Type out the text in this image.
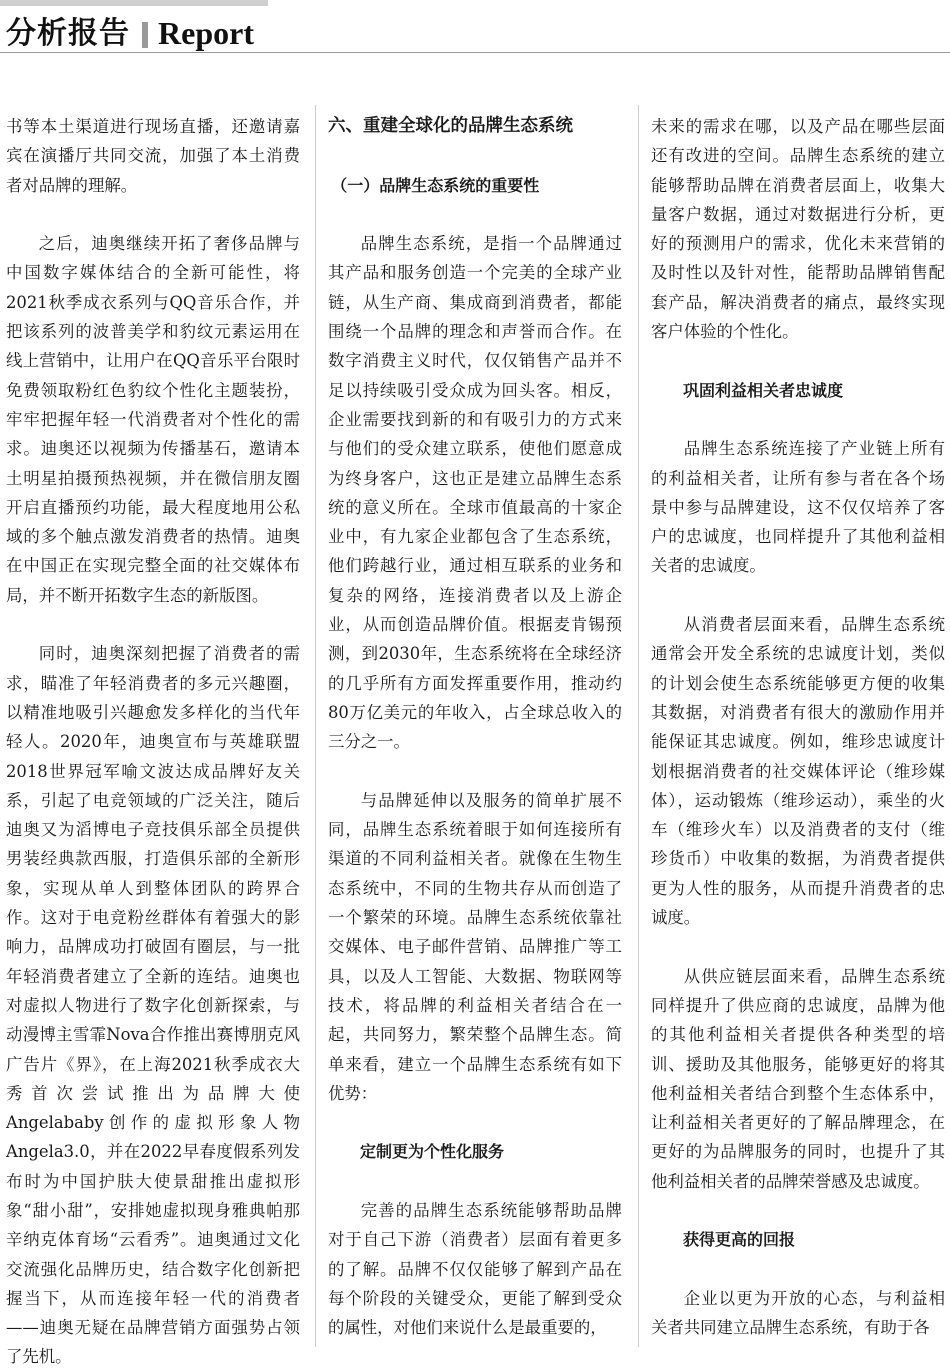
分析报告 Report

书等本土渠道进行现场直播，还邀请嘉宾在演播厅共同交流，加强了本土消费者对品牌的理解。

之后，迪奥继续开拓了奢侈品牌与中国数字媒体结合的全新可能性，将2021秋季成衣系列与QQ音乐合作，并把该系列的波普美学和豹纹元素运用在线上营销中，让用户在QQ音乐平台限时免费领取粉红色豹纹个性化主题装扮，牢牢把握年轻一代消费者对个性化的需求。迪奥还以视频为传播基石，邀请本土明星拍摄预热视频，并在微信朋友圈开启直播预约功能，最大程度地用公私域的多个触点激发消费者的热情。迪奥在中国正在实现完整全面的社交媒体布局，并不断开拓数字生态的新版图。

同时，迪奥深刻把握了消费者的需求，瞄准了年轻消费者的多元兴趣圈，以精准地吸引兴趣愈发多样化的当代年轻人。2020年，迪奥宣布与英雄联盟2018世界冠军喻文波达成品牌好友关系，引起了电竞领域的广泛关注，随后迪奥又为滔博电子竞技俱乐部全员提供男装经典款西服，打造俱乐部的全新形象，实现从单人到整体团队的跨界合作。这对于电竞粉丝群体有着强大的影响力，品牌成功打破固有圈层，与一批年轻消费者建立了全新的连结。迪奥也对虚拟人物进行了数字化创新探索，与动漫博主雪霏Nova合作推出赛博朋克风广告片《界》，在上海2021秋季成衣大秀首次尝试推出为品牌大使Angelababy创作的虚拟形象人物Angela3.0，并在2022早春度假系列发布时为中国护肤大使景甜推出虚拟形象“甜小甜”，安排她虚拟现身雅典帕那辛纳克体育场“云看秀”。迪奥通过文化交流强化品牌历史，结合数字化创新把握当下，从而连接年轻一代的消费者——迪奥无疑在品牌营销方面强势占领了先机。

六、重建全球化的品牌生态系统
（一）品牌生态系统的重要性

品牌生态系统，是指一个品牌通过其产品和服务创造一个完美的全球产业链，从生产商、集成商到消费者，都能围绕一个品牌的理念和声誉而合作。在数字消费主义时代，仅仅销售产品并不足以持续吸引受众成为回头客。相反，企业需要找到新的和有吸引力的方式来与他们的受众建立联系，使他们愿意成为终身客户，这也正是建立品牌生态系统的意义所在。全球市值最高的十家企业中，有九家企业都包含了生态系统，他们跨越行业，通过相互联系的业务和复杂的网络，连接消费者以及上游企业，从而创造品牌价值。根据麦肯锡预测，到2030年，生态系统将在全球经济的几乎所有方面发挥重要作用，推动约80万亿美元的年收入，占全球总收入的三分之一。

与品牌延伸以及服务的简单扩展不同，品牌生态系统着眼于如何连接所有渠道的不同利益相关者。就像在生物生态系统中，不同的生物共存从而创造了一个繁荣的环境。品牌生态系统依靠社交媒体、电子邮件营销、品牌推广等工具，以及人工智能、大数据、物联网等技术，将品牌的利益相关者结合在一起，共同努力，繁荣整个品牌生态。简单来看，建立一个品牌生态系统有如下优势：

定制更为个性化服务

完善的品牌生态系统能够帮助品牌对于自己下游（消费者）层面有着更多的了解。品牌不仅仅能够了解到产品在每个阶段的关键受众，更能了解到受众的属性，对他们来说什么是最重要的，

未来的需求在哪，以及产品在哪些层面还有改进的空间。品牌生态系统的建立能够帮助品牌在消费者层面上，收集大量客户数据，通过对数据进行分析，更好的预测用户的需求，优化未来营销的及时性以及针对性，能帮助品牌销售配套产品，解决消费者的痛点，最终实现客户体验的个性化。

巩固利益相关者忠诚度

品牌生态系统连接了产业链上所有的利益相关者，让所有参与者在各个场景中参与品牌建设，这不仅仅培养了客户的忠诚度，也同样提升了其他利益相关者的忠诚度。

从消费者层面来看，品牌生态系统通常会开发全系统的忠诚度计划，类似的计划会使生态系统能够更方便的收集其数据，对消费者有很大的激励作用并能保证其忠诚度。例如，维珍忠诚度计划根据消费者的社交媒体评论（维珍媒体），运动锻炼（维珍运动），乘坐的火车（维珍火车）以及消费者的支付（维珍货币）中收集的数据，为消费者提供更为人性的服务，从而提升消费者的忠诚度。

从供应链层面来看，品牌生态系统同样提升了供应商的忠诚度，品牌为他的其他利益相关者提供各种类型的培训、援助及其他服务，能够更好的将其他利益相关者结合到整个生态体系中，让利益相关者更好的了解品牌理念，在更好的为品牌服务的同时，也提升了其他利益相关者的品牌荣誉感及忠诚度。

获得更高的回报

企业以更为开放的心态，与利益相关者共同建立品牌生态系统，有助于各
